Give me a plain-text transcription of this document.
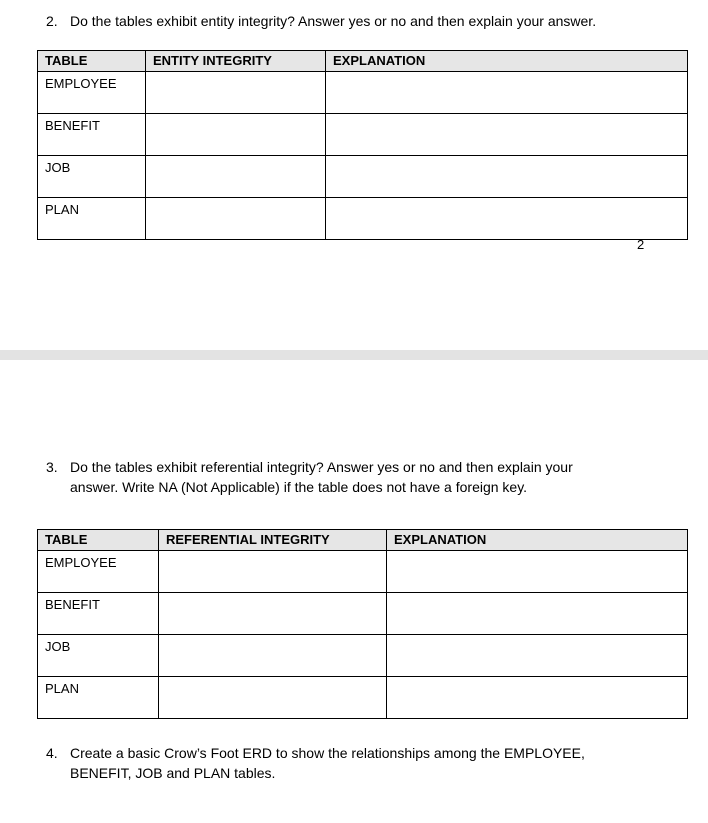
2. Do the tables exhibit entity integrity? Answer yes or no and then explain your answer.
TABLE	ENTITY INTEGRITY	EXPLANATION
EMPLOYEE		
BENEFIT		
JOB		
PLAN		
2
3. Do the tables exhibit referential integrity? Answer yes or no and then explain your
answer. Write NA (Not Applicable) if the table does not have a foreign key.
TABLE	REFERENTIAL INTEGRITY	EXPLANATION
EMPLOYEE		
BENEFIT		
JOB		
PLAN		
4. Create a basic Crow’s Foot ERD to show the relationships among the EMPLOYEE,
BENEFIT, JOB and PLAN tables.
